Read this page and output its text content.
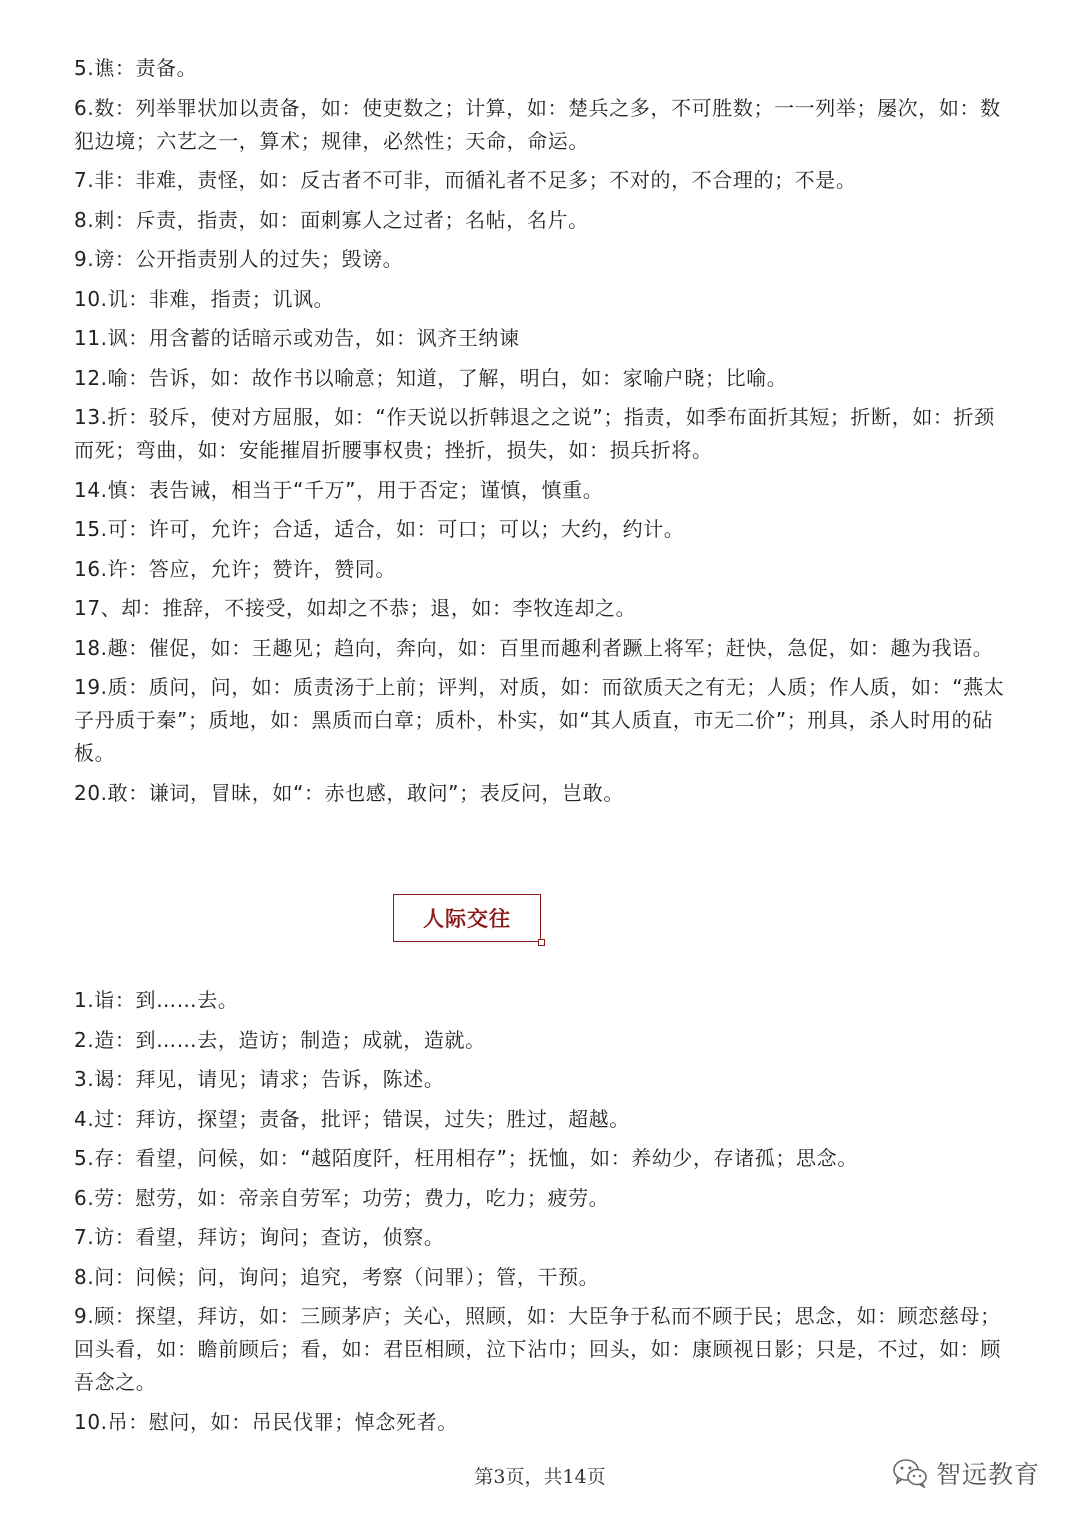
5.谯：责备。
6.数：列举罪状加以责备，如：使吏数之；计算，如：楚兵之多，不可胜数；一一列举；屡次，如：数犯边境；六艺之一，算术；规律，必然性；天命，命运。
7.非：非难，责怪，如：反古者不可非，而循礼者不足多；不对的，不合理的；不是。
8.刺：斥责，指责，如：面刺寡人之过者；名帖，名片。
9.谤：公开指责别人的过失；毁谤。
10.讥：非难，指责；讥讽。
11.讽：用含蓄的话暗示或劝告，如：讽齐王纳谏
12.喻：告诉，如：故作书以喻意；知道，了解，明白，如：家喻户晓；比喻。
13.折：驳斥，使对方屈服，如：“作天说以折韩退之之说”；指责，如季布面折其短；折断，如：折颈而死；弯曲，如：安能摧眉折腰事权贵；挫折，损失，如：损兵折将。
14.慎：表告诫，相当于“千万”，用于否定；谨慎，慎重。
15.可：许可，允许；合适，适合，如：可口；可以；大约，约计。
16.许：答应，允许；赞许，赞同。
17、却：推辞，不接受，如却之不恭；退，如：李牧连却之。
18.趣：催促，如：王趣见；趋向，奔向，如：百里而趣利者蹶上将军；赶快，急促，如：趣为我语。
19.质：质问，问，如：质责汤于上前；评判，对质，如：而欲质天之有无；人质；作人质，如：“燕太子丹质于秦”；质地，如：黑质而白章；质朴，朴实，如“其人质直，市无二价”；刑具，杀人时用的砧板。
20.敢：谦词，冒昧，如“：赤也感，敢问”；表反问，岂敢。
人际交往
1.诣：到……去。
2.造：到……去，造访；制造；成就，造就。
3.谒：拜见，请见；请求；告诉，陈述。
4.过：拜访，探望；责备，批评；错误，过失；胜过，超越。
5.存：看望，问候，如：“越陌度阡，枉用相存”；抚恤，如：养幼少，存诸孤；思念。
6.劳：慰劳，如：帝亲自劳军；功劳；费力，吃力；疲劳。
7.访：看望，拜访；询问；查访，侦察。
8.问：问候；问，询问；追究，考察（问罪）；管，干预。
9.顾：探望，拜访，如：三顾茅庐；关心，照顾，如：大臣争于私而不顾于民；思念，如：顾恋慈母；回头看，如：瞻前顾后；看，如：君臣相顾，泣下沾巾；回头，如：康顾视日影；只是，不过，如：顾吾念之。
10.吊：慰问，如：吊民伐罪；悼念死者。
第3页，共14页	智远教育
